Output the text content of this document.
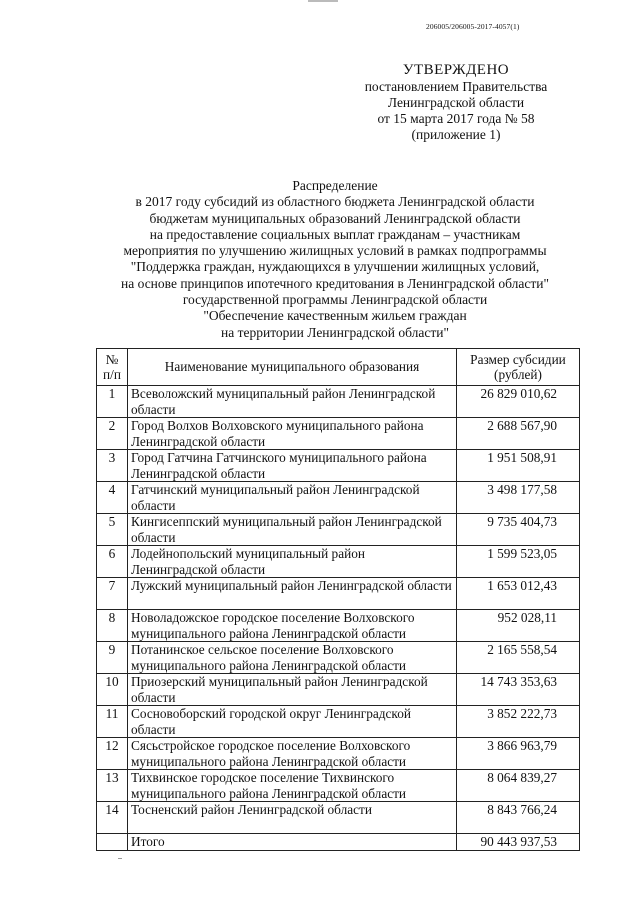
206005/206005-2017-4057(1)
УТВЕРЖДЕНО
постановлением Правительства
Ленинградской области
от 15 марта 2017 года № 58
(приложение 1)
Распределение
в 2017 году субсидий из областного бюджета Ленинградской области
бюджетам муниципальных образований Ленинградской области
на предоставление социальных выплат гражданам – участникам
мероприятия по улучшению жилищных условий в рамках подпрограммы
"Поддержка граждан, нуждающихся в улучшении жилищных условий,
на основе принципов ипотечного кредитования в Ленинградской области"
государственной программы Ленинградской области
"Обеспечение качественным жильем граждан
на территории Ленинградской области"
№ п/п	Наименование муниципального образования	Размер субсидии (рублей)
1	Всеволожский муниципальный район Ленинградской области	26 829 010,62
2	Город Волхов Волховского муниципального района Ленинградской области	2 688 567,90
3	Город Гатчина Гатчинского муниципального района Ленинградской области	1 951 508,91
4	Гатчинский муниципальный район Ленинградской области	3 498 177,58
5	Кингисеппский муниципальный район Ленинградской области	9 735 404,73
6	Лодейнопольский муниципальный район Ленинградской области	1 599 523,05
7	Лужский муниципальный район Ленинградской области	1 653 012,43
8	Новоладожское городское поселение Волховского муниципального района Ленинградской области	952 028,11
9	Потанинское сельское поселение Волховского муниципального района Ленинградской области	2 165 558,54
10	Приозерский муниципальный район Ленинградской области	14 743 353,63
11	Сосновоборский городской округ Ленинградской области	3 852 222,73
12	Сясьстройское городское поселение Волховского муниципального района Ленинградской области	3 866 963,79
13	Тихвинское городское поселение Тихвинского муниципального района Ленинградской области	8 064 839,27
14	Тосненский район Ленинградской области	8 843 766,24
	Итого	90 443 937,53
